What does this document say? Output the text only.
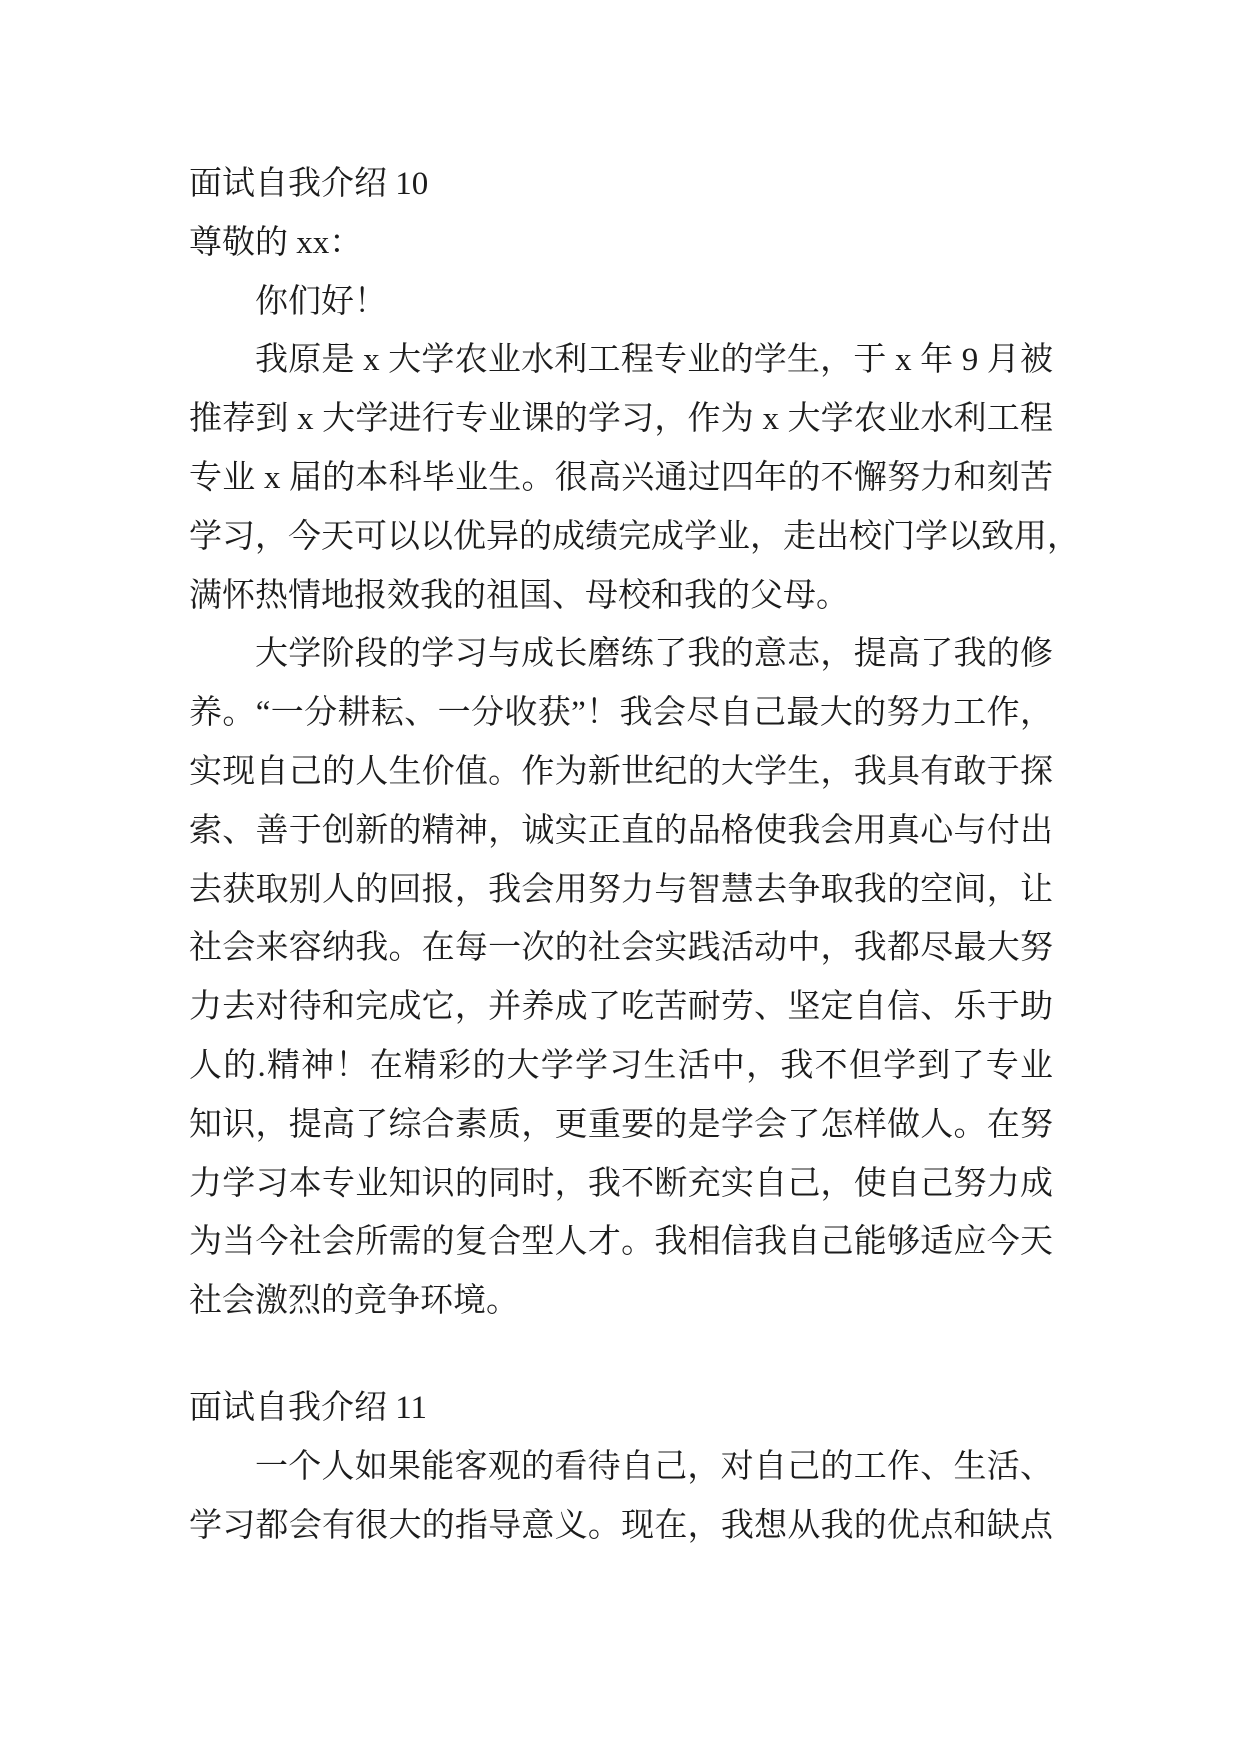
面试自我介绍 10
尊敬的 xx：
你们好！
我原是 x 大学农业水利工程专业的学生，于 x 年 9 月被
推荐到 x 大学进行专业课的学习，作为 x 大学农业水利工程
专业 x 届的本科毕业生。很高兴通过四年的不懈努力和刻苦
学习，今天可以以优异的成绩完成学业，走出校门学以致用，
满怀热情地报效我的祖国、母校和我的父母。
大学阶段的学习与成长磨练了我的意志，提高了我的修
养。“一分耕耘、一分收获”！我会尽自己最大的努力工作，
实现自己的人生价值。作为新世纪的大学生，我具有敢于探
索、善于创新的精神，诚实正直的品格使我会用真心与付出
去获取别人的回报，我会用努力与智慧去争取我的空间，让
社会来容纳我。在每一次的社会实践活动中，我都尽最大努
力去对待和完成它，并养成了吃苦耐劳、坚定自信、乐于助
人的.精神！在精彩的大学学习生活中，我不但学到了专业
知识，提高了综合素质，更重要的是学会了怎样做人。在努
力学习本专业知识的同时，我不断充实自己，使自己努力成
为当今社会所需的复合型人才。我相信我自己能够适应今天
社会激烈的竞争环境。
面试自我介绍 11
一个人如果能客观的看待自己，对自己的工作、生活、
学习都会有很大的指导意义。现在，我想从我的优点和缺点
